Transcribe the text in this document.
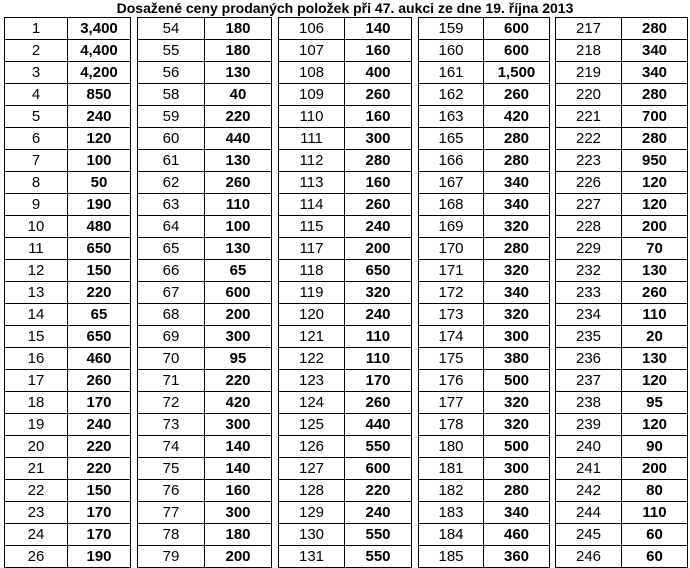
Dosažené ceny prodaných položek při 47. aukci ze dne 19. října 2013
1	3,400
2	4,400
3	4,200
4	850
5	240
6	120
7	100
8	50
9	190
10	480
11	650
12	150
13	220
14	65
15	650
16	460
17	260
18	170
19	240
20	220
21	220
22	150
23	170
24	170
26	190
54	180
55	180
56	130
58	40
59	220
60	440
61	130
62	260
63	110
64	100
65	130
66	65
67	600
68	200
69	300
70	95
71	220
72	420
73	300
74	140
75	140
76	160
77	300
78	180
79	200
106	140
107	160
108	400
109	260
110	160
111	300
112	280
113	160
114	260
115	240
117	200
118	650
119	320
120	240
121	110
122	110
123	170
124	260
125	440
126	550
127	600
128	220
129	240
130	550
131	550
159	600
160	600
161	1,500
162	260
163	420
165	280
166	280
167	340
168	340
169	320
170	280
171	320
172	340
173	320
174	300
175	380
176	500
177	320
178	320
180	500
181	300
182	280
183	340
184	460
185	360
217	280
218	340
219	340
220	280
221	700
222	280
223	950
226	120
227	120
228	200
229	70
232	130
233	260
234	110
235	20
236	130
237	120
238	95
239	120
240	90
241	200
242	80
244	110
245	60
246	60
